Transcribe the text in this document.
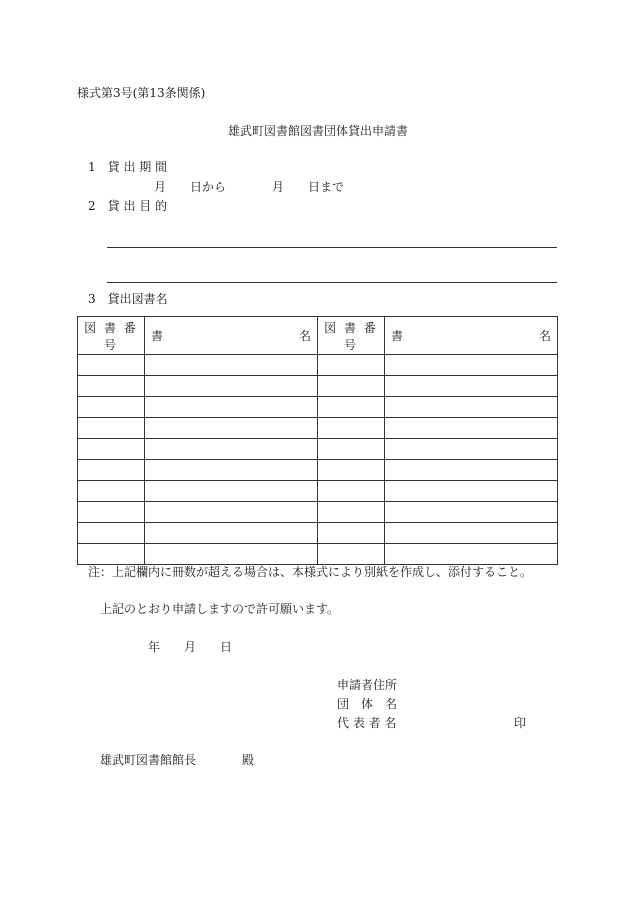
様式第3号(第13条関係)
雄武町図書館図書団体貸出申請書
1　貸 出 期 間
月 日から	月 日まで
2　貸 出 目 的
3　貸出図書名
図 書 番 号	書 名	図 書 番 号	書 名

注：上記欄内に冊数が超える場合は、本様式により別紙を作成し、添付すること。
上記のとおり申請しますので許可願います。
年 月 日
申請者住所
団　体　名
代 表 者 名	印
雄武町図書館館長	殿
